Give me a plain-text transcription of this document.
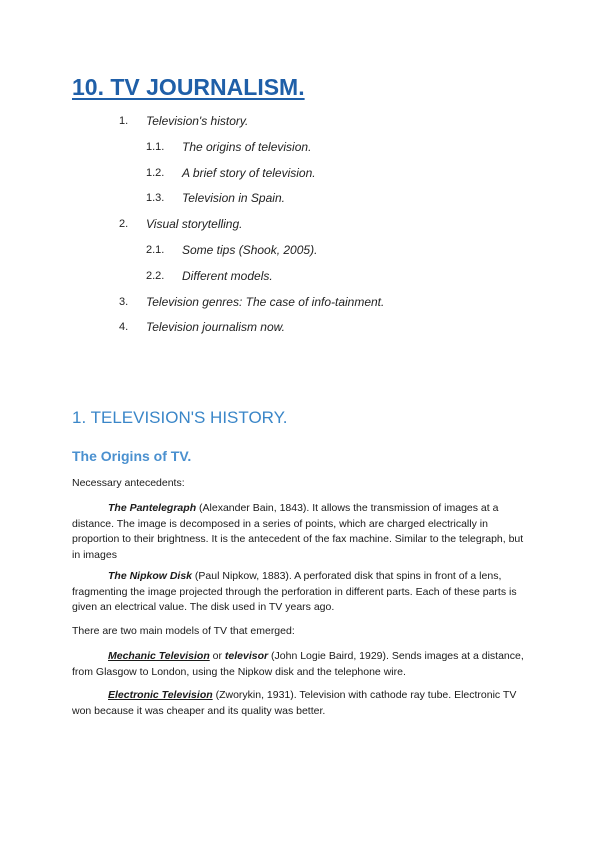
10. TV JOURNALISM.
1. Television's history.
1.1. The origins of television.
1.2. A brief story of television.
1.3. Television in Spain.
2. Visual storytelling.
2.1. Some tips (Shook, 2005).
2.2. Different models.
3. Television genres: The case of info-tainment.
4. Television journalism now.
1. TELEVISION'S HISTORY.
The Origins of TV.

Necessary antecedents:

The Pantelegraph (Alexander Bain, 1843). It allows the transmission of images at a distance. The image is decomposed in a series of points, which are charged electrically in proportion to their brightness. It is the antecedent of the fax machine. Similar to the telegraph, but in images

The Nipkow Disk (Paul Nipkow, 1883). A perforated disk that spins in front of a lens, fragmenting the image projected through the perforation in different parts. Each of these parts is given an electrical value. The disk used in TV years ago.

There are two main models of TV that emerged:

Mechanic Television or televisor (John Logie Baird, 1929). Sends images at a distance, from Glasgow to London, using the Nipkow disk and the telephone wire.

Electronic Television (Zworykin, 1931). Television with cathode ray tube. Electronic TV won because it was cheaper and its quality was better.
